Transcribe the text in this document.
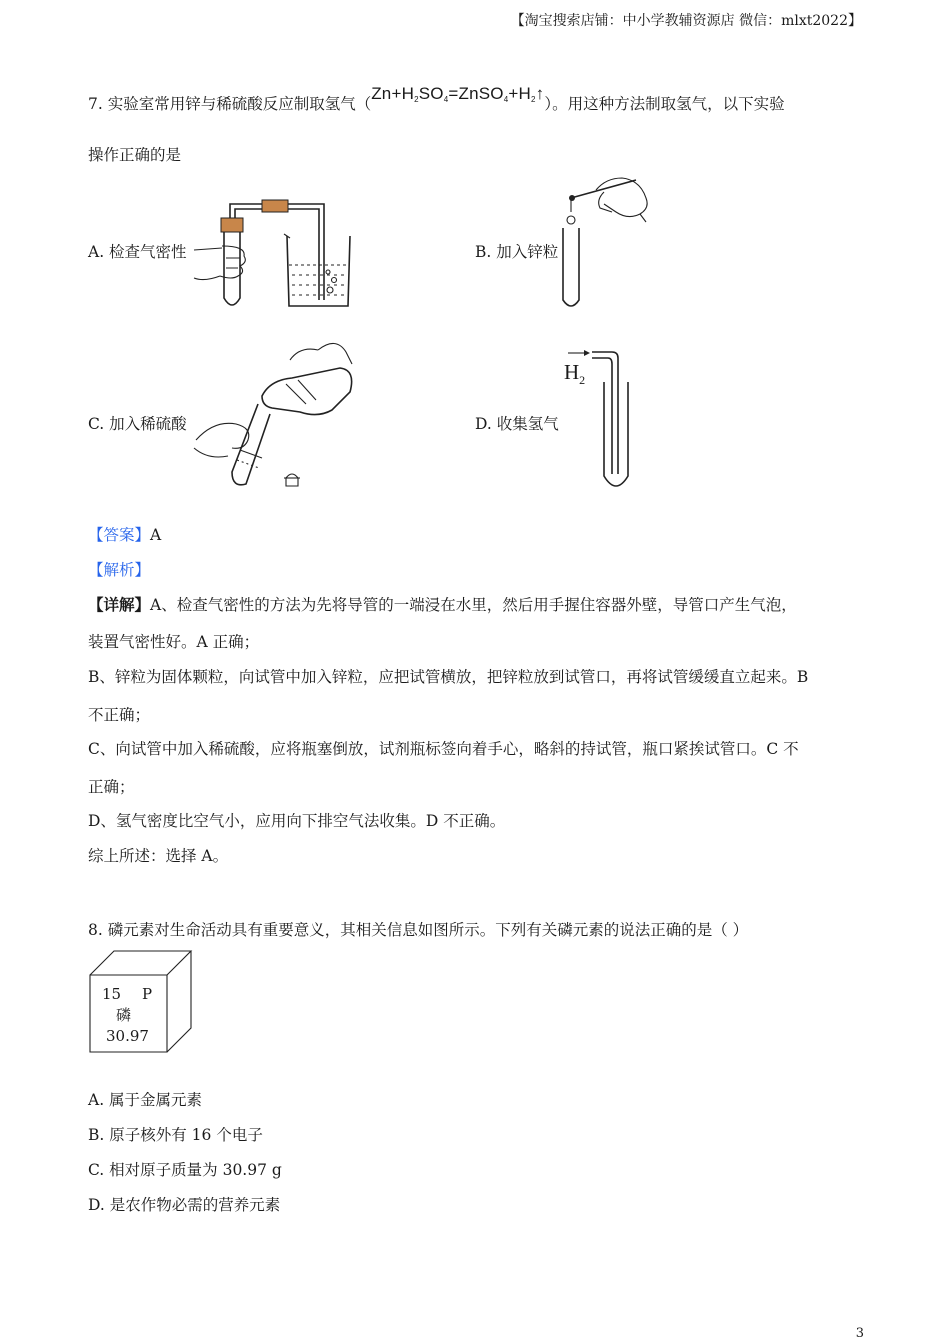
【淘宝搜索店铺：中小学教辅资源店 微信：mlxt2022】
7. 实验室常用锌与稀硫酸反应制取氢气$(Zn+H_2SO_4=ZnSO_4+H_2↑)$。用这种方法制取氢气，以下实验
操作正确的是
A. 检查气密性	B. 加入锌粒
C. 加入稀硫酸	D. 收集氢气
$H_2$
【答案】A
【解析】
【详解】A、检查气密性的方法为先将导管的一端浸在水里，然后用手握住容器外壁，导管口产生气泡，
装置气密性好。A 正确；
B、锌粒为固体颗粒，向试管中加入锌粒，应把试管横放，把锌粒放到试管口，再将试管缓缓直立起来。B
不正确；
C、向试管中加入稀硫酸，应将瓶塞倒放，试剂瓶标签向着手心，略斜的持试管，瓶口紧挨试管口。C 不
正确；
D、氢气密度比空气小，应用向下排空气法收集。D 不正确。
综上所述：选择 A。
8. 磷元素对生命活动具有重要意义，其相关信息如图所示。下列有关磷元素的说法正确的是（ ）
15 P
磷
30.97
A. 属于金属元素
B. 原子核外有 16 个电子
C. 相对原子质量为 30.97 g
D. 是农作物必需的营养元素
3
